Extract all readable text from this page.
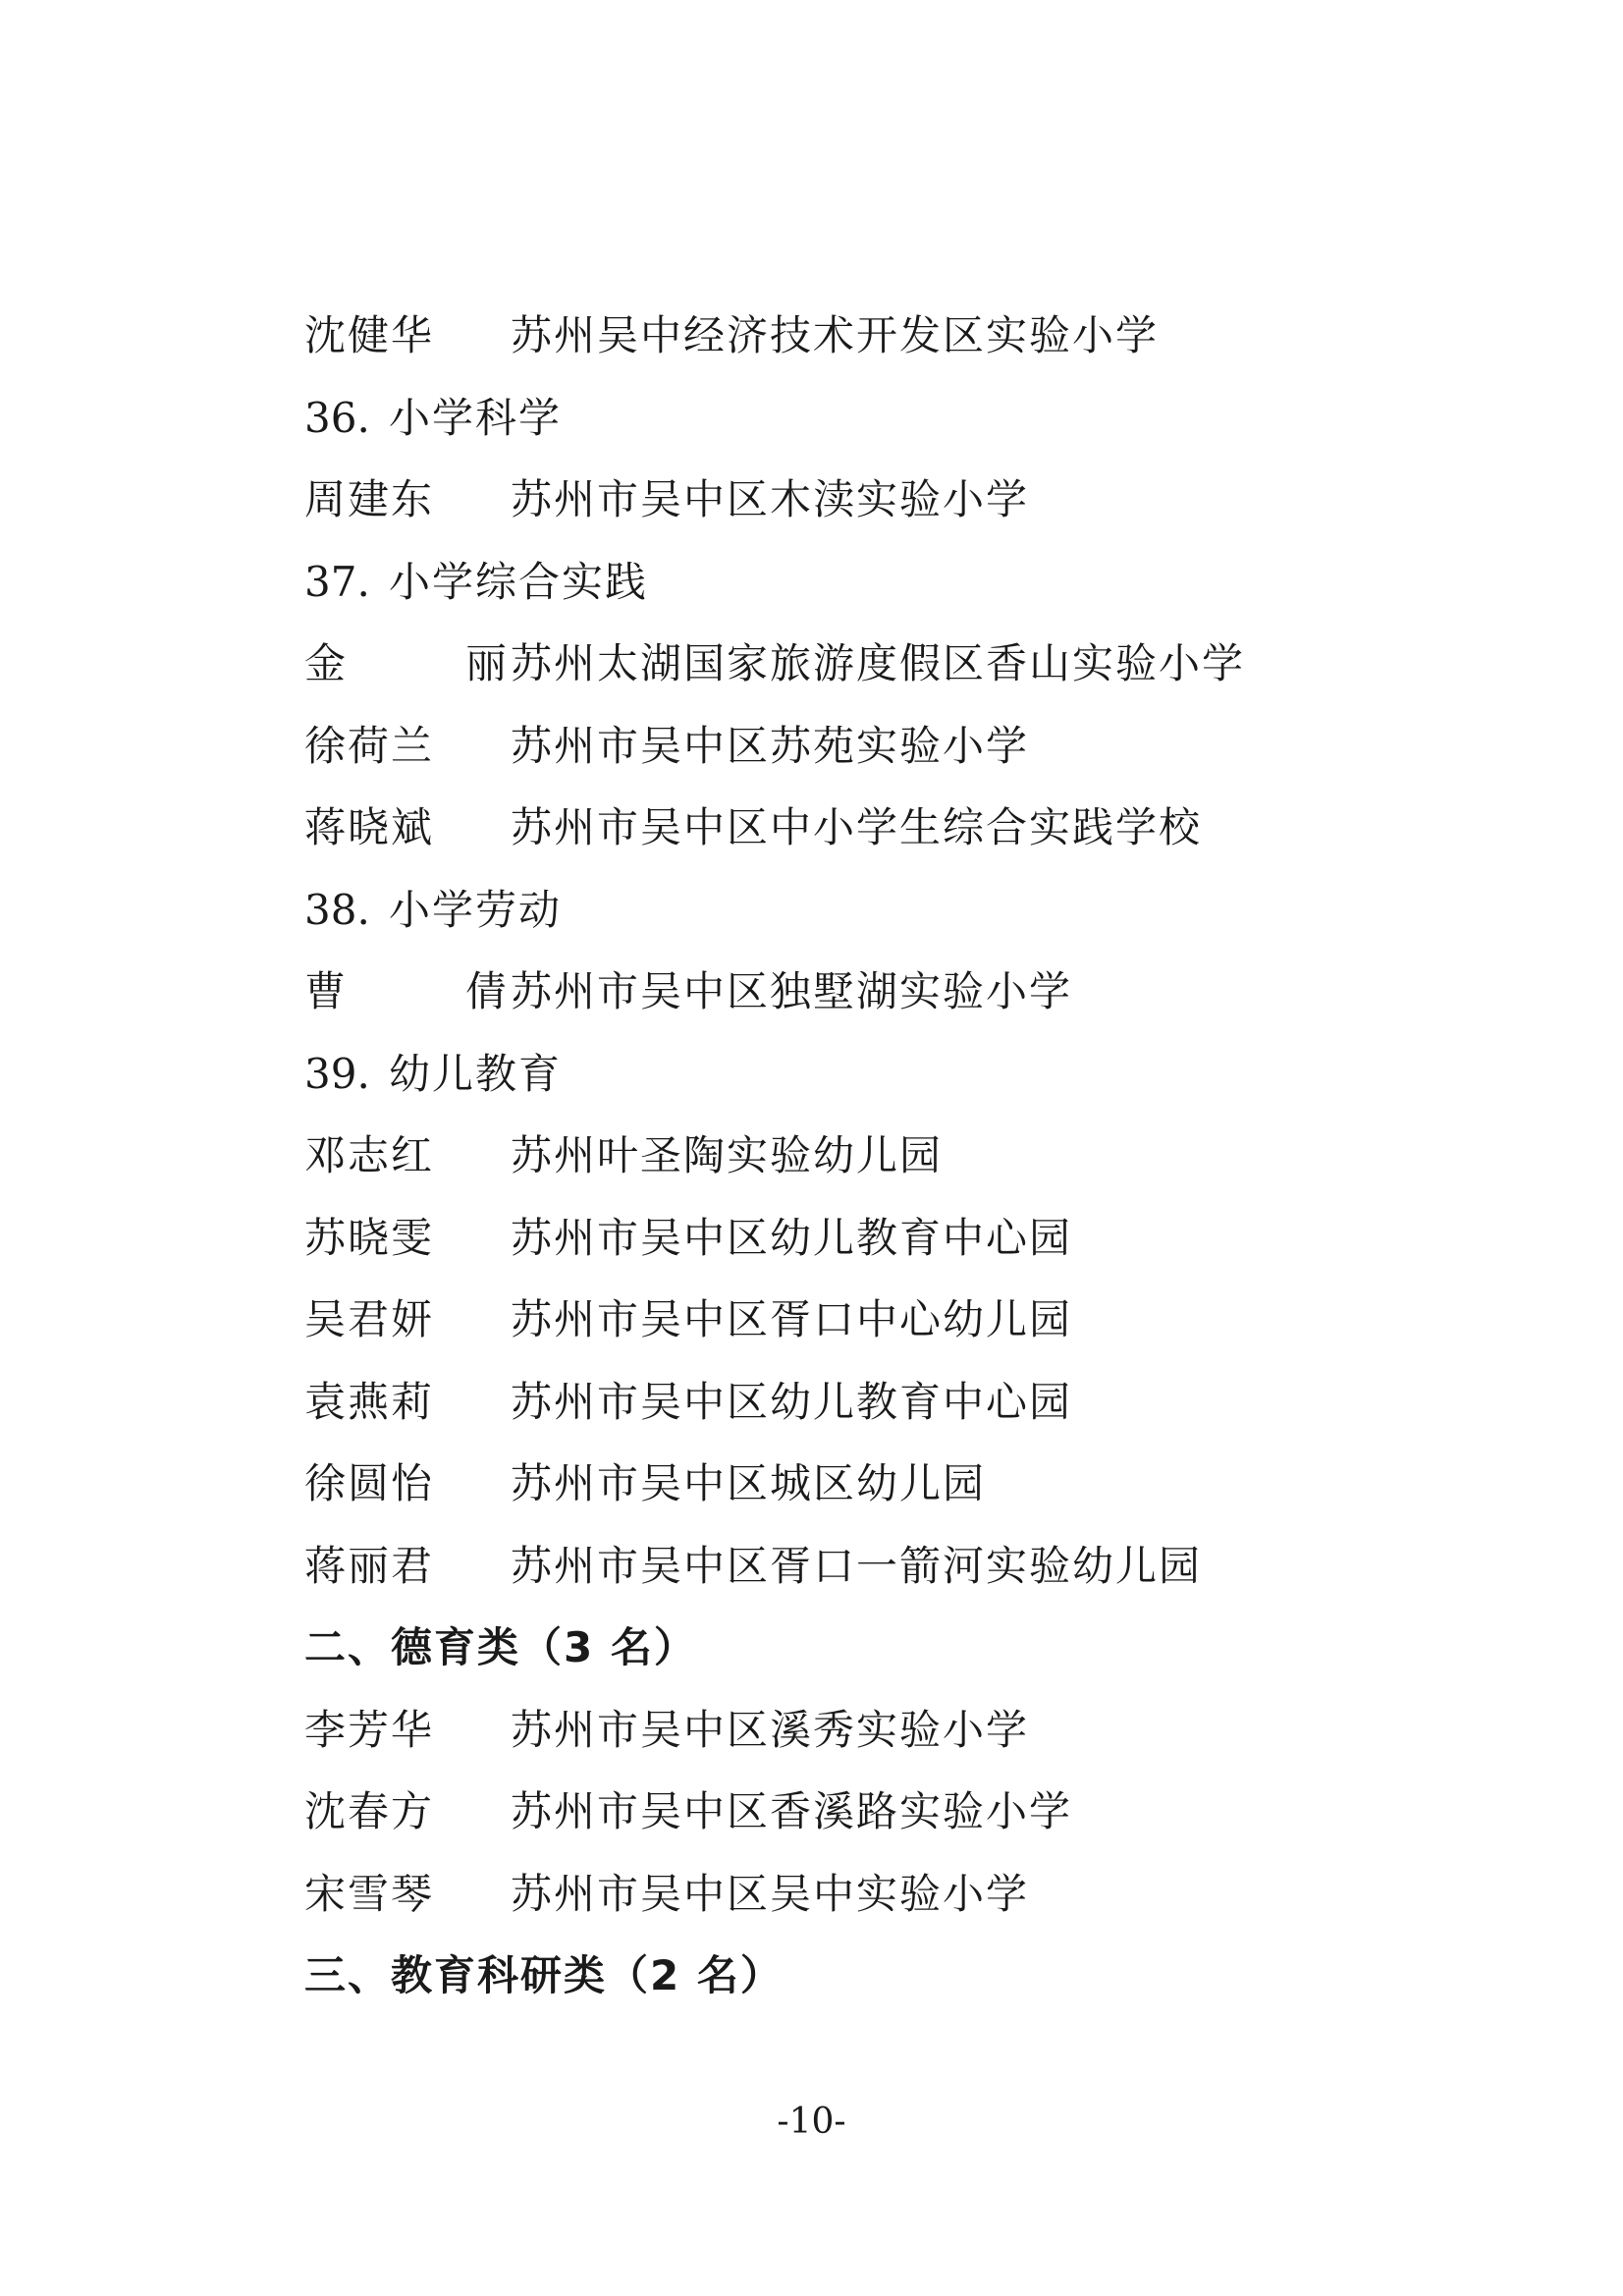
沈健华 苏州吴中经济技术开发区实验小学
36. 小学科学
周建东 苏州市吴中区木渎实验小学
37. 小学综合实践
金　丽苏州太湖国家旅游度假区香山实验小学
徐荷兰 苏州市吴中区苏苑实验小学
蒋晓斌 苏州市吴中区中小学生综合实践学校
38. 小学劳动
曹　倩苏州市吴中区独墅湖实验小学
39. 幼儿教育
邓志红 苏州叶圣陶实验幼儿园
苏晓雯 苏州市吴中区幼儿教育中心园
吴君妍 苏州市吴中区胥口中心幼儿园
袁燕莉 苏州市吴中区幼儿教育中心园
徐圆怡 苏州市吴中区城区幼儿园
蒋丽君 苏州市吴中区胥口一箭河实验幼儿园
二、德育类（3 名）
李芳华 苏州市吴中区溪秀实验小学
沈春方 苏州市吴中区香溪路实验小学
宋雪琴 苏州市吴中区吴中实验小学
三、教育科研类（2 名）
-10-
